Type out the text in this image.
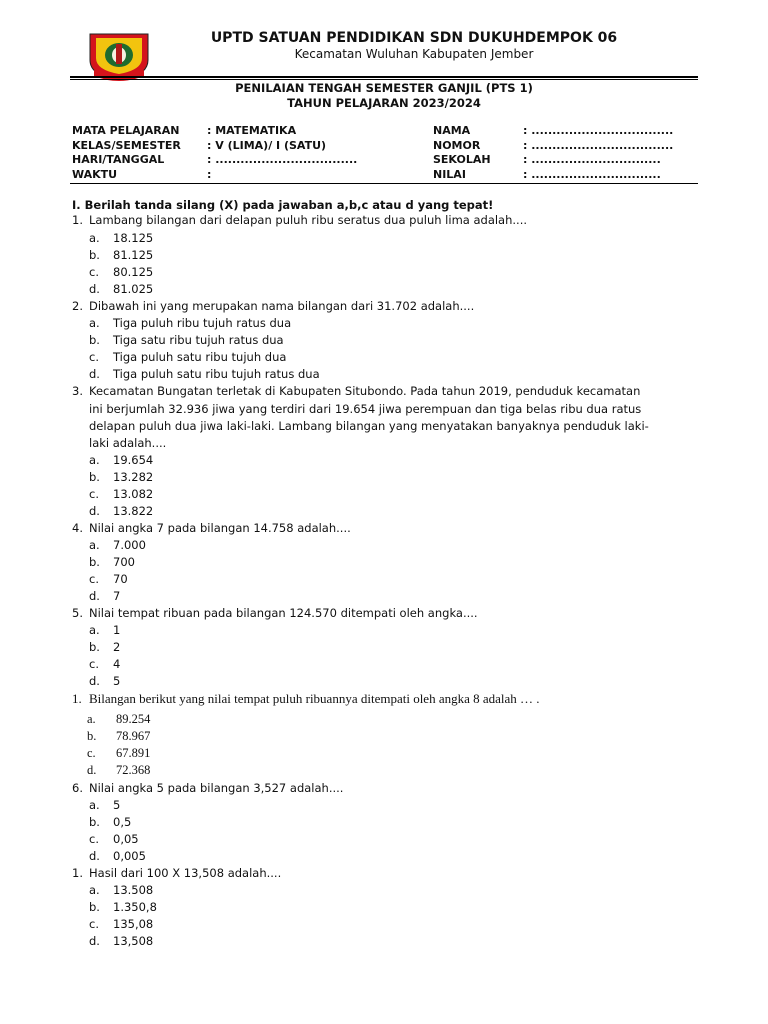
UPTD SATUAN PENDIDIKAN SDN DUKUHDEMPOK 06
Kecamatan Wuluhan Kabupaten Jember
PENILAIAN TENGAH SEMESTER GANJIL (PTS 1)
TAHUN PELAJARAN 2023/2024
MATA PELAJARAN
KELAS/SEMESTER
HARI/TANGGAL
WAKTU
: MATEMATIKA
: V (LIMA)/ I (SATU)
: ..................................
:
NAMA
NOMOR
SEKOLAH
NILAI
: ..................................
: ..................................
: ...............................
: ...............................
I. Berilah tanda silang (X) pada jawaban a,b,c atau d yang tepat!
1. Lambang bilangan dari delapan puluh ribu seratus dua puluh lima adalah....
a. 18.125
b. 81.125
c. 80.125
d. 81.025
2. Dibawah ini yang merupakan nama bilangan dari 31.702 adalah....
a. Tiga puluh ribu tujuh ratus dua
b. Tiga satu ribu tujuh ratus dua
c. Tiga puluh satu ribu tujuh dua
d. Tiga puluh satu ribu tujuh ratus dua
3. Kecamatan Bungatan terletak di Kabupaten Situbondo. Pada tahun 2019, penduduk kecamatan
ini berjumlah 32.936 jiwa yang terdiri dari 19.654 jiwa perempuan dan tiga belas ribu dua ratus
delapan puluh dua jiwa laki-laki. Lambang bilangan yang menyatakan banyaknya penduduk laki-
laki adalah....
a. 19.654
b. 13.282
c. 13.082
d. 13.822
4. Nilai angka 7 pada bilangan 14.758 adalah....
a. 7.000
b. 700
c. 70
d. 7
5. Nilai tempat ribuan pada bilangan 124.570 ditempati oleh angka....
a. 1
b. 2
c. 4
d. 5
1. Bilangan berikut yang nilai tempat puluh ribuannya ditempati oleh angka 8 adalah … .
a. 89.254
b. 78.967
c. 67.891
d. 72.368
6. Nilai angka 5 pada bilangan 3,527 adalah....
a. 5
b. 0,5
c. 0,05
d. 0,005
1. Hasil dari 100 X 13,508 adalah....
a. 13.508
b. 1.350,8
c. 135,08
d. 13,508
